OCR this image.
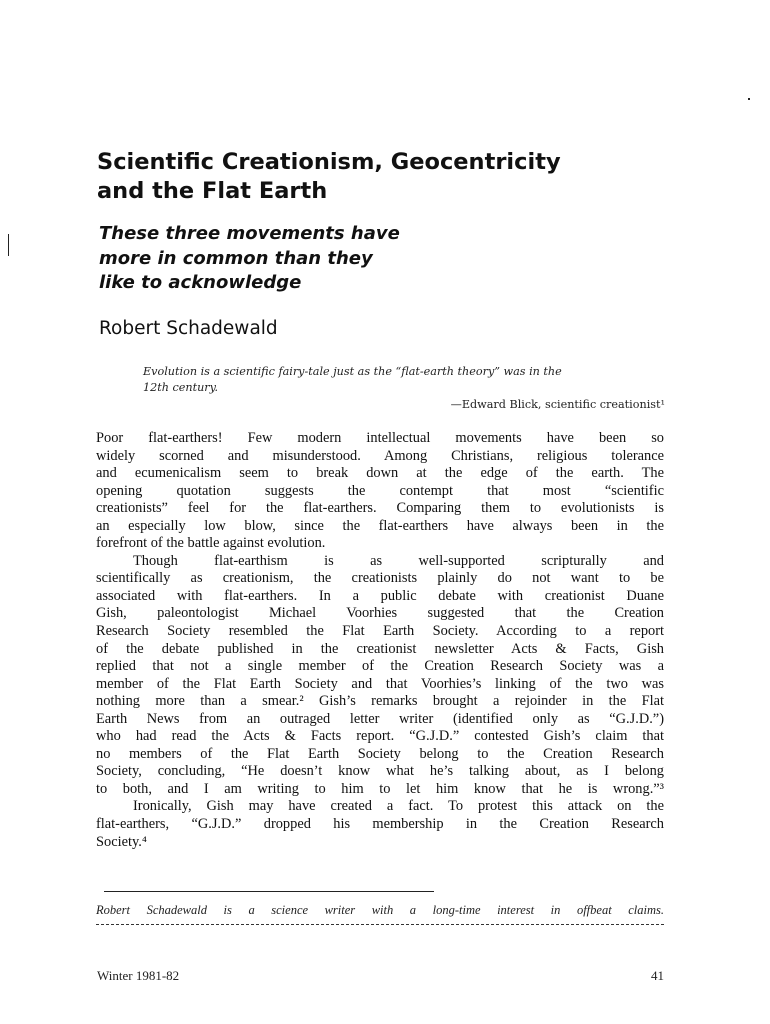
Scientific Creationism, Geocentricity
and the Flat Earth
These three movements have
more in common than they
like to acknowledge
Robert Schadewald
Evolution is a scientific fairy-tale just as the “flat-earth theory” was in the
12th century.
—Edward Blick, scientific creationist¹
Poor flat-earthers! Few modern intellectual movements have been so
widely scorned and misunderstood. Among Christians, religious tolerance
and ecumenicalism seem to break down at the edge of the earth. The
opening quotation suggests the contempt that most “scientific
creationists” feel for the flat-earthers. Comparing them to evolutionists is
an especially low blow, since the flat-earthers have always been in the
forefront of the battle against evolution.
Though flat-earthism is as well-supported scripturally and
scientifically as creationism, the creationists plainly do not want to be
associated with flat-earthers. In a public debate with creationist Duane
Gish, paleontologist Michael Voorhies suggested that the Creation
Research Society resembled the Flat Earth Society. According to a report
of the debate published in the creationist newsletter Acts & Facts, Gish
replied that not a single member of the Creation Research Society was a
member of the Flat Earth Society and that Voorhies’s linking of the two was
nothing more than a smear.² Gish’s remarks brought a rejoinder in the Flat
Earth News from an outraged letter writer (identified only as “G.J.D.”)
who had read the Acts & Facts report. “G.J.D.” contested Gish’s claim that
no members of the Flat Earth Society belong to the Creation Research
Society, concluding, “He doesn’t know what he’s talking about, as I belong
to both, and I am writing to him to let him know that he is wrong.”³
Ironically, Gish may have created a fact. To protest this attack on the
flat-earthers, “G.J.D.” dropped his membership in the Creation Research
Society.⁴
Robert Schadewald is a science writer with a long-time interest in offbeat claims.
Winter 1981-82	41
